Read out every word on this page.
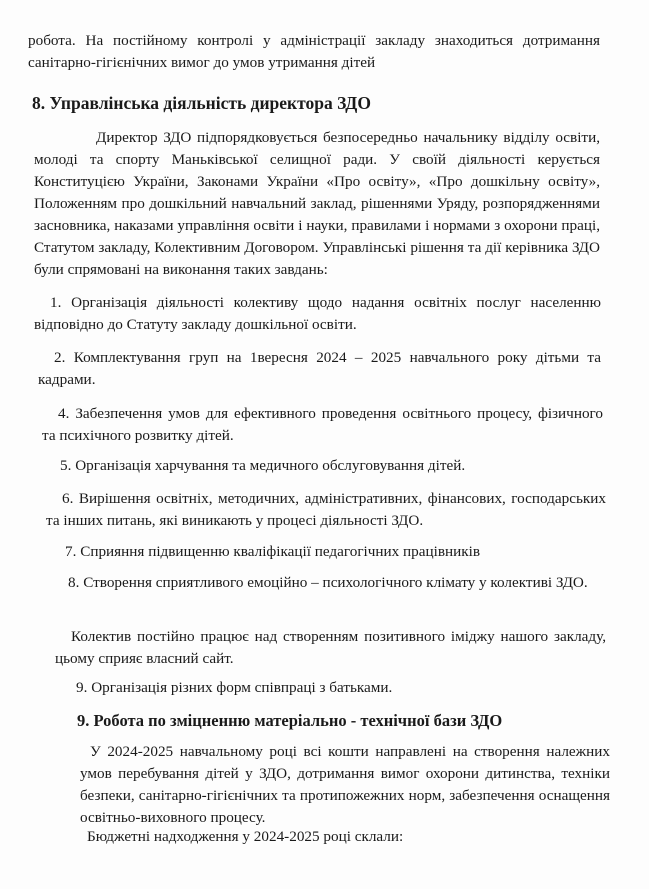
робота. На постійному контролі у адміністрації закладу знаходиться дотримання санітарно-гігієнічних вимог до умов утримання дітей

8. Управлінська діяльність директора ЗДО

Директор ЗДО підпорядковується безпосередньо начальнику відділу освіти, молоді та спорту Маньківської селищної ради. У своїй діяльності керується Конституцією України, Законами України «Про освіту», «Про дошкільну освіту», Положенням про дошкільний навчальний заклад, рішеннями Уряду, розпорядженнями засновника, наказами управління освіти і науки, правилами і нормами з охорони праці, Статутом закладу, Колективним Договором. Управлінські рішення та дії керівника ЗДО були спрямовані на виконання таких завдань:

1. Організація діяльності колективу щодо надання освітніх послуг населенню відповідно до Статуту закладу дошкільної освіти.

2. Комплектування груп на 1вересня 2024 – 2025 навчального року дітьми та кадрами.

4. Забезпечення умов для ефективного проведення освітнього процесу, фізичного та психічного розвитку дітей.

5. Організація харчування та медичного обслуговування дітей.

6. Вирішення освітніх, методичних, адміністративних, фінансових, господарських та інших питань, які виникають у процесі діяльності ЗДО.

7. Сприяння підвищенню кваліфікації педагогічних працівників

8. Створення сприятливого емоційно – психологічного клімату у колективі ЗДО.

Колектив постійно працює над створенням позитивного іміджу нашого закладу, цьому сприяє власний сайт.

9. Організація різних форм співпраці з батьками.

9. Робота по зміцненню матеріально - технічної бази ЗДО

У 2024-2025 навчальному році всі кошти направлені на створення належних умов перебування дітей у ЗДО, дотримання вимог охорони дитинства, техніки безпеки, санітарно-гігієнічних та протипожежних норм, забезпечення оснащення освітньо-виховного процесу.

Бюджетні надходження у 2024-2025 році склали:
